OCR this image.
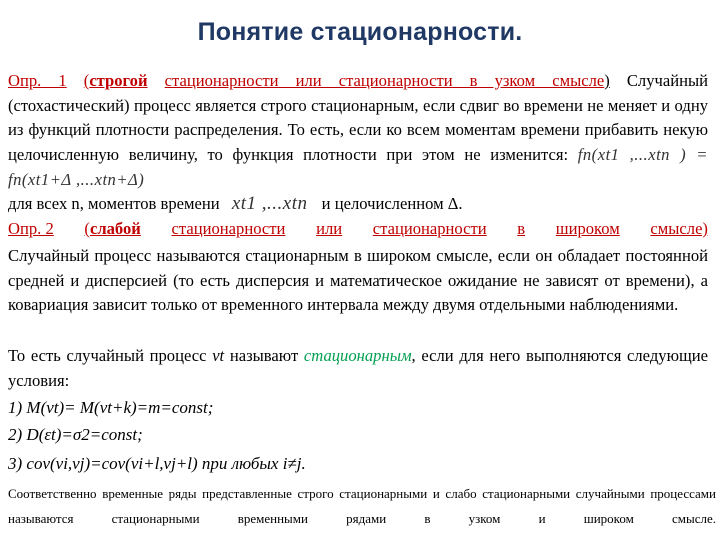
Понятие стационарности.
Опр. 1 (строгой стационарности или стационарности в узком смысле) Случайный (стохастический) процесс является строго стационарным, если сдвиг во времени не меняет и одну из функций плотности распределения. То есть, если ко всем моментам времени прибавить некую целочисленную величину, то функция плотности при этом не изменится: fn(xt1 ,...xtn ) = fn(xt1+Δ ,...xtn+Δ)
для всех n, моментов времени xt1 ,...xtn и целочисленном Δ.
Опр. 2 (слабой стационарности или стационарности в широком смысле)
Случайный процесс называются стационарным в широком смысле, если он обладает постоянной средней и дисперсией (то есть дисперсия и математическое ожидание не зависят от времени), а ковариация зависит только от временного интервала между двумя отдельными наблюдениями.
То есть случайный процесс vt называют стационарным, если для него выполняются следующие условия:
1) M(vt)= M(vt+k)=m=const;
2) D(εt)=σ2=const;
3) cov(vi,vj)=cov(vi+l,vj+l) при любых i≠j.
Соответственно временные ряды представленные строго стационарными и слабо стационарными случайными процессами называются стационарными временными рядами в узком и широком смысле.
